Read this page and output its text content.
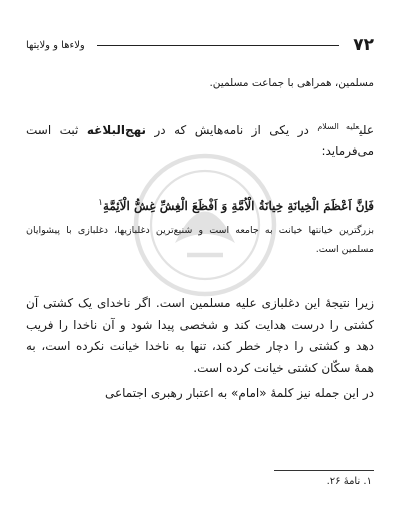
۷۲
ولاءها و ولایتها

مسلمین، همراهی با جماعت مسلمین.

علی$^{علیه السلام}$ در یکی از نامه‌هایش که در نهج‌البلاغه ثبت است می‌فرماید:

فَاِنَّ اَعْظَمَ الْخِیانَةِ خِیانَةُ الْاُمَّةِ وَ اَفْظَعَ الْغِشِّ غِشُّ الْاَئِمَّةِ$^۱$

بزرگترین خیانتها خیانت به جامعه است و شنیع‌ترین دغلبازیها، دغلبازی با پیشوایان مسلمین است.

زیرا نتیجهٔ این دغلبازی علیه مسلمین است. اگر ناخدای یک کشتی آن کشتی را درست هدایت کند و شخصی پیدا شود و آن ناخدا را فریب دهد و کشتی را دچار خطر کند، تنها به ناخدا خیانت نکرده است، به همهٔ سکّان کشتی خیانت کرده است.

در این جمله نیز کلمهٔ «امام» به اعتبار رهبری اجتماعی

۱. نامهٔ ۲۶.
